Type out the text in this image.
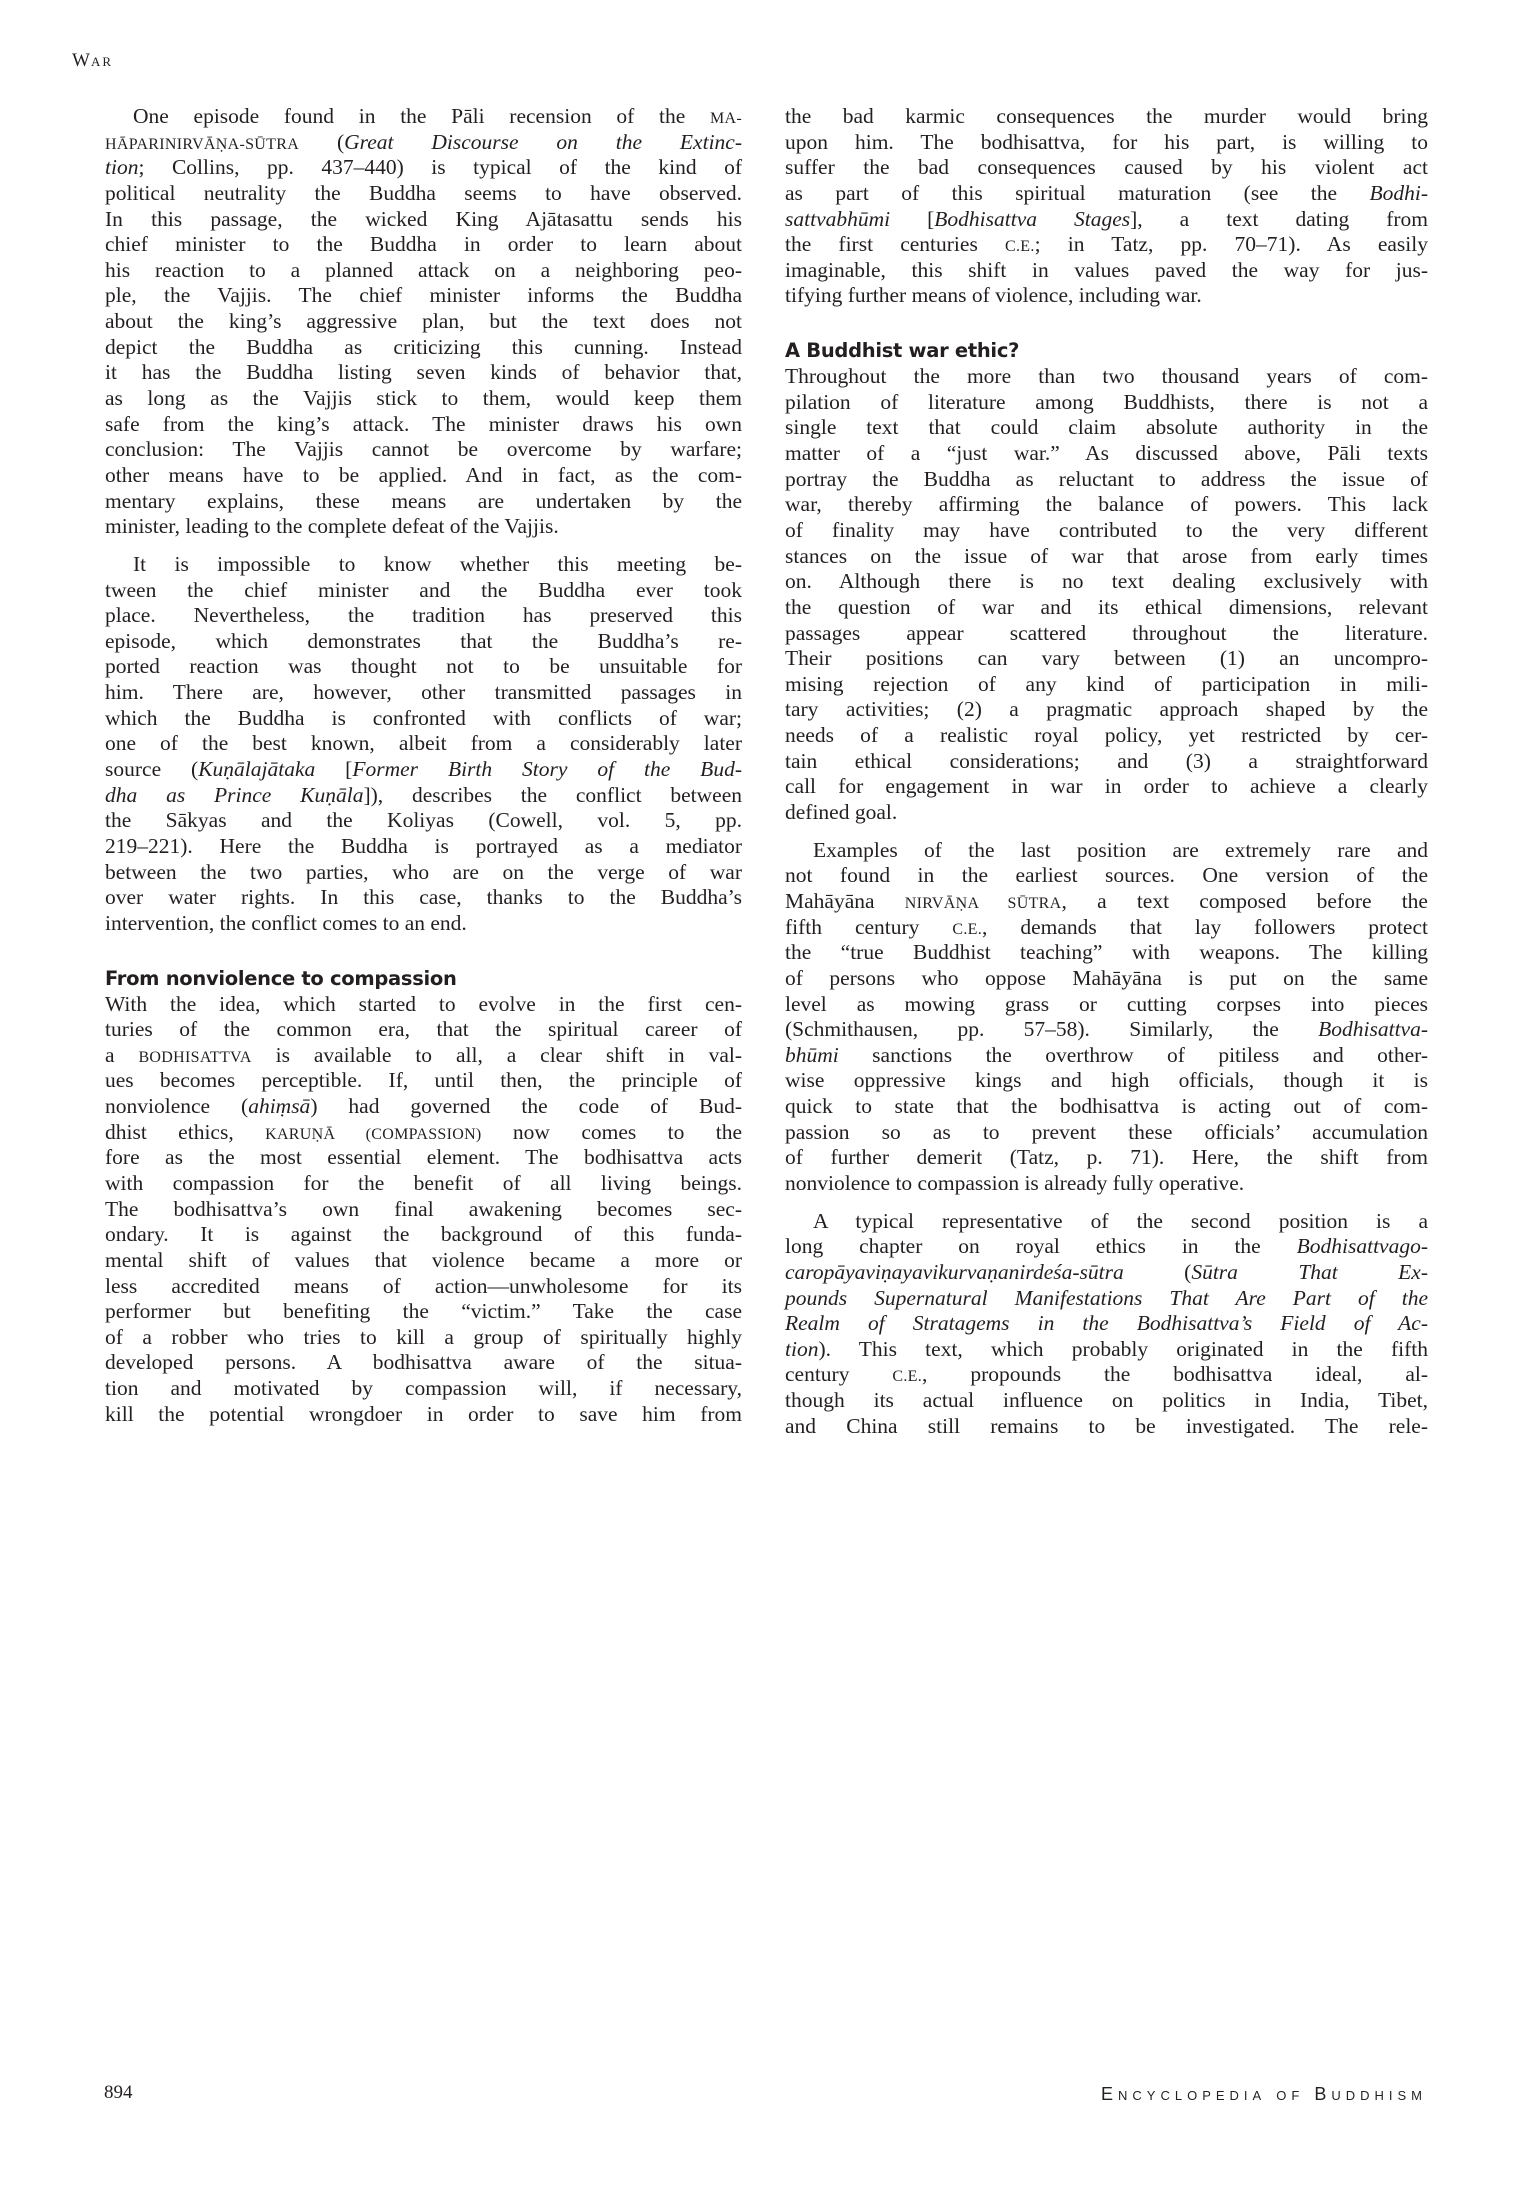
WAR
One episode found in the Pāli recension of the MA-
HĀPARINIRVĀṆA-SŪTRA (Great Discourse on the Extinc-
tion; Collins, pp. 437–440) is typical of the kind of
political neutrality the Buddha seems to have observed.
In this passage, the wicked King Ajātasattu sends his
chief minister to the Buddha in order to learn about
his reaction to a planned attack on a neighboring peo-
ple, the Vajjis. The chief minister informs the Buddha
about the king’s aggressive plan, but the text does not
depict the Buddha as criticizing this cunning. Instead
it has the Buddha listing seven kinds of behavior that,
as long as the Vajjis stick to them, would keep them
safe from the king’s attack. The minister draws his own
conclusion: The Vajjis cannot be overcome by warfare;
other means have to be applied. And in fact, as the com-
mentary explains, these means are undertaken by the
minister, leading to the complete defeat of the Vajjis.
It is impossible to know whether this meeting be-
tween the chief minister and the Buddha ever took
place. Nevertheless, the tradition has preserved this
episode, which demonstrates that the Buddha’s re-
ported reaction was thought not to be unsuitable for
him. There are, however, other transmitted passages in
which the Buddha is confronted with conflicts of war;
one of the best known, albeit from a considerably later
source (Kuṇālajātaka [Former Birth Story of the Bud-
dha as Prince Kuṇāla]), describes the conflict between
the Sākyas and the Koliyas (Cowell, vol. 5, pp.
219–221). Here the Buddha is portrayed as a mediator
between the two parties, who are on the verge of war
over water rights. In this case, thanks to the Buddha’s
intervention, the conflict comes to an end.
From nonviolence to compassion
With the idea, which started to evolve in the first cen-
turies of the common era, that the spiritual career of
a BODHISATTVA is available to all, a clear shift in val-
ues becomes perceptible. If, until then, the principle of
nonviolence (ahiṃsā) had governed the code of Bud-
dhist ethics, KARUṆĀ (COMPASSION) now comes to the
fore as the most essential element. The bodhisattva acts
with compassion for the benefit of all living beings.
The bodhisattva’s own final awakening becomes sec-
ondary. It is against the background of this funda-
mental shift of values that violence became a more or
less accredited means of action—unwholesome for its
performer but benefiting the “victim.” Take the case
of a robber who tries to kill a group of spiritually highly
developed persons. A bodhisattva aware of the situa-
tion and motivated by compassion will, if necessary,
kill the potential wrongdoer in order to save him from
the bad karmic consequences the murder would bring
upon him. The bodhisattva, for his part, is willing to
suffer the bad consequences caused by his violent act
as part of this spiritual maturation (see the Bodhi-
sattvabhūmi [Bodhisattva Stages], a text dating from
the first centuries C.E.; in Tatz, pp. 70–71). As easily
imaginable, this shift in values paved the way for jus-
tifying further means of violence, including war.
A Buddhist war ethic?
Throughout the more than two thousand years of com-
pilation of literature among Buddhists, there is not a
single text that could claim absolute authority in the
matter of a “just war.” As discussed above, Pāli texts
portray the Buddha as reluctant to address the issue of
war, thereby affirming the balance of powers. This lack
of finality may have contributed to the very different
stances on the issue of war that arose from early times
on. Although there is no text dealing exclusively with
the question of war and its ethical dimensions, relevant
passages appear scattered throughout the literature.
Their positions can vary between (1) an uncompro-
mising rejection of any kind of participation in mili-
tary activities; (2) a pragmatic approach shaped by the
needs of a realistic royal policy, yet restricted by cer-
tain ethical considerations; and (3) a straightforward
call for engagement in war in order to achieve a clearly
defined goal.
Examples of the last position are extremely rare and
not found in the earliest sources. One version of the
Mahāyāna NIRVĀṆA SŪTRA, a text composed before the
fifth century C.E., demands that lay followers protect
the “true Buddhist teaching” with weapons. The killing
of persons who oppose Mahāyāna is put on the same
level as mowing grass or cutting corpses into pieces
(Schmithausen, pp. 57–58). Similarly, the Bodhisattva-
bhūmi sanctions the overthrow of pitiless and other-
wise oppressive kings and high officials, though it is
quick to state that the bodhisattva is acting out of com-
passion so as to prevent these officials’ accumulation
of further demerit (Tatz, p. 71). Here, the shift from
nonviolence to compassion is already fully operative.
A typical representative of the second position is a
long chapter on royal ethics in the Bodhisattvago-
caropāyaviṇayavikurvaṇanirdeśa-sūtra (Sūtra That Ex-
pounds Supernatural Manifestations That Are Part of the
Realm of Stratagems in the Bodhisattva’s Field of Ac-
tion). This text, which probably originated in the fifth
century C.E., propounds the bodhisattva ideal, al-
though its actual influence on politics in India, Tibet,
and China still remains to be investigated. The rele-
894	ENCYCLOPEDIA OF BUDDHISM
